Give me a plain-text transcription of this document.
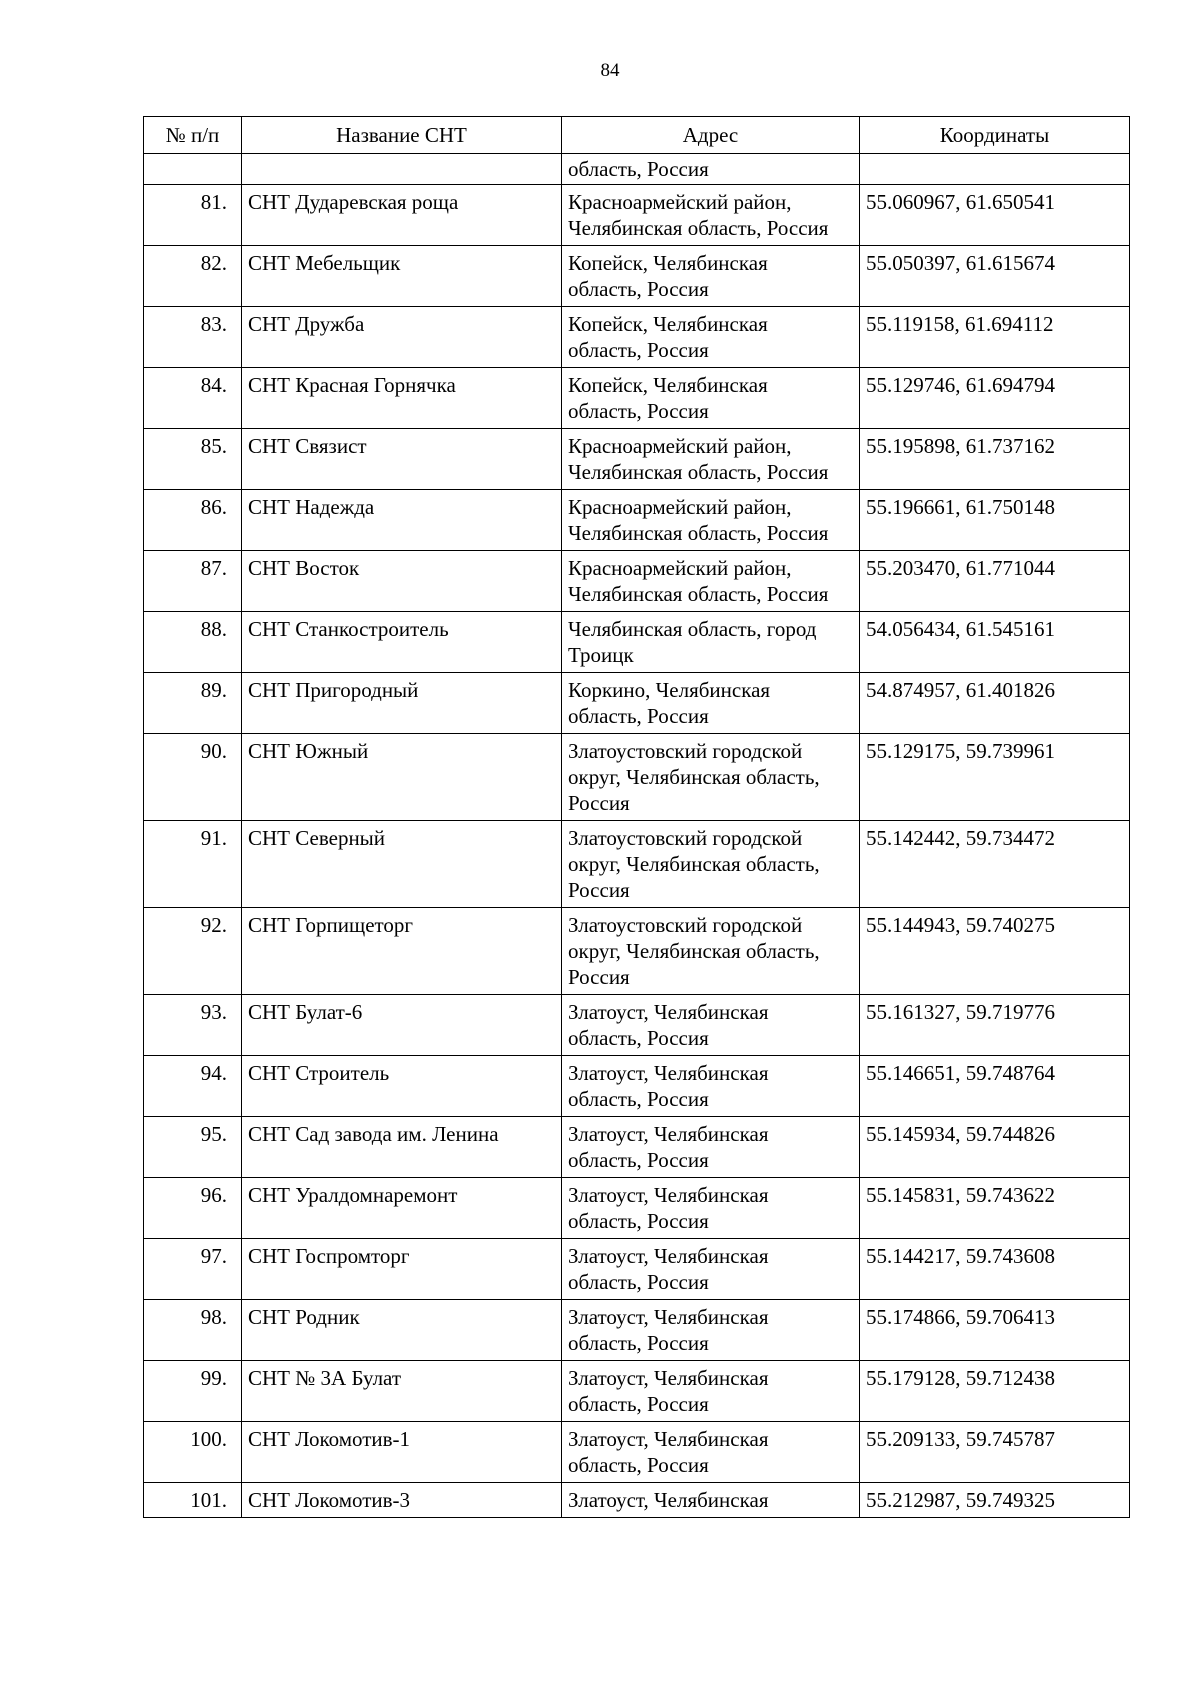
84
№ п/п	Название СНТ	Адрес	Координаты
		область, Россия	
81.	СНТ Дударевская роща	Красноармейский район,
Челябинская область, Россия	55.060967, 61.650541
82.	СНТ Мебельщик	Копейск, Челябинская
область, Россия	55.050397, 61.615674
83.	СНТ Дружба	Копейск, Челябинская
область, Россия	55.119158, 61.694112
84.	СНТ Красная Горнячка	Копейск, Челябинская
область, Россия	55.129746, 61.694794
85.	СНТ Связист	Красноармейский район,
Челябинская область, Россия	55.195898, 61.737162
86.	СНТ Надежда	Красноармейский район,
Челябинская область, Россия	55.196661, 61.750148
87.	СНТ Восток	Красноармейский район,
Челябинская область, Россия	55.203470, 61.771044
88.	СНТ Станкостроитель	Челябинская область, город
Троицк	54.056434, 61.545161
89.	СНТ Пригородный	Коркино, Челябинская
область, Россия	54.874957, 61.401826
90.	СНТ Южный	Златоустовский городской
округ, Челябинская область,
Россия	55.129175, 59.739961
91.	СНТ Северный	Златоустовский городской
округ, Челябинская область,
Россия	55.142442, 59.734472
92.	СНТ Горпищеторг	Златоустовский городской
округ, Челябинская область,
Россия	55.144943, 59.740275
93.	СНТ Булат-6	Златоуст, Челябинская
область, Россия	55.161327, 59.719776
94.	СНТ Строитель	Златоуст, Челябинская
область, Россия	55.146651, 59.748764
95.	СНТ Сад завода им. Ленина	Златоуст, Челябинская
область, Россия	55.145934, 59.744826
96.	СНТ Уралдомнаремонт	Златоуст, Челябинская
область, Россия	55.145831, 59.743622
97.	СНТ Госпромторг	Златоуст, Челябинская
область, Россия	55.144217, 59.743608
98.	СНТ Родник	Златоуст, Челябинская
область, Россия	55.174866, 59.706413
99.	СНТ № 3А Булат	Златоуст, Челябинская
область, Россия	55.179128, 59.712438
100.	СНТ Локомотив-1	Златоуст, Челябинская
область, Россия	55.209133, 59.745787
101.	СНТ Локомотив-3	Златоуст, Челябинская	55.212987, 59.749325
